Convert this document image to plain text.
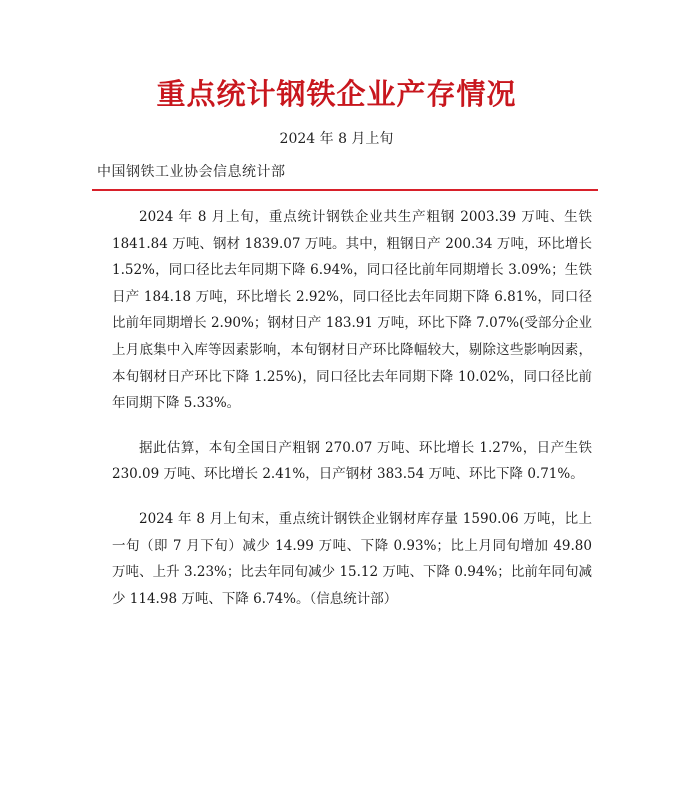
重点统计钢铁企业产存情况
2024 年 8 月上旬
中国钢铁工业协会信息统计部

2024 年 8 月上旬，重点统计钢铁企业共生产粗钢 2003.39 万吨、生铁 1841.84 万吨、钢材 1839.07 万吨。其中，粗钢日产 200.34 万吨，环比增长 1.52%，同口径比去年同期下降 6.94%，同口径比前年同期增长 3.09%；生铁日产 184.18 万吨，环比增长 2.92%，同口径比去年同期下降 6.81%，同口径比前年同期增长 2.90%；钢材日产 183.91 万吨，环比下降 7.07%(受部分企业上月底集中入库等因素影响，本旬钢材日产环比降幅较大，剔除这些影响因素，本旬钢材日产环比下降 1.25%)，同口径比去年同期下降 10.02%，同口径比前年同期下降 5.33%。

据此估算，本旬全国日产粗钢 270.07 万吨、环比增长 1.27%，日产生铁 230.09 万吨、环比增长 2.41%，日产钢材 383.54 万吨、环比下降 0.71%。

2024 年 8 月上旬末，重点统计钢铁企业钢材库存量 1590.06 万吨，比上一旬（即 7 月下旬）减少 14.99 万吨、下降 0.93%；比上月同旬增加 49.80 万吨、上升 3.23%；比去年同旬减少 15.12 万吨、下降 0.94%；比前年同旬减少 114.98 万吨、下降 6.74%。（信息统计部）
